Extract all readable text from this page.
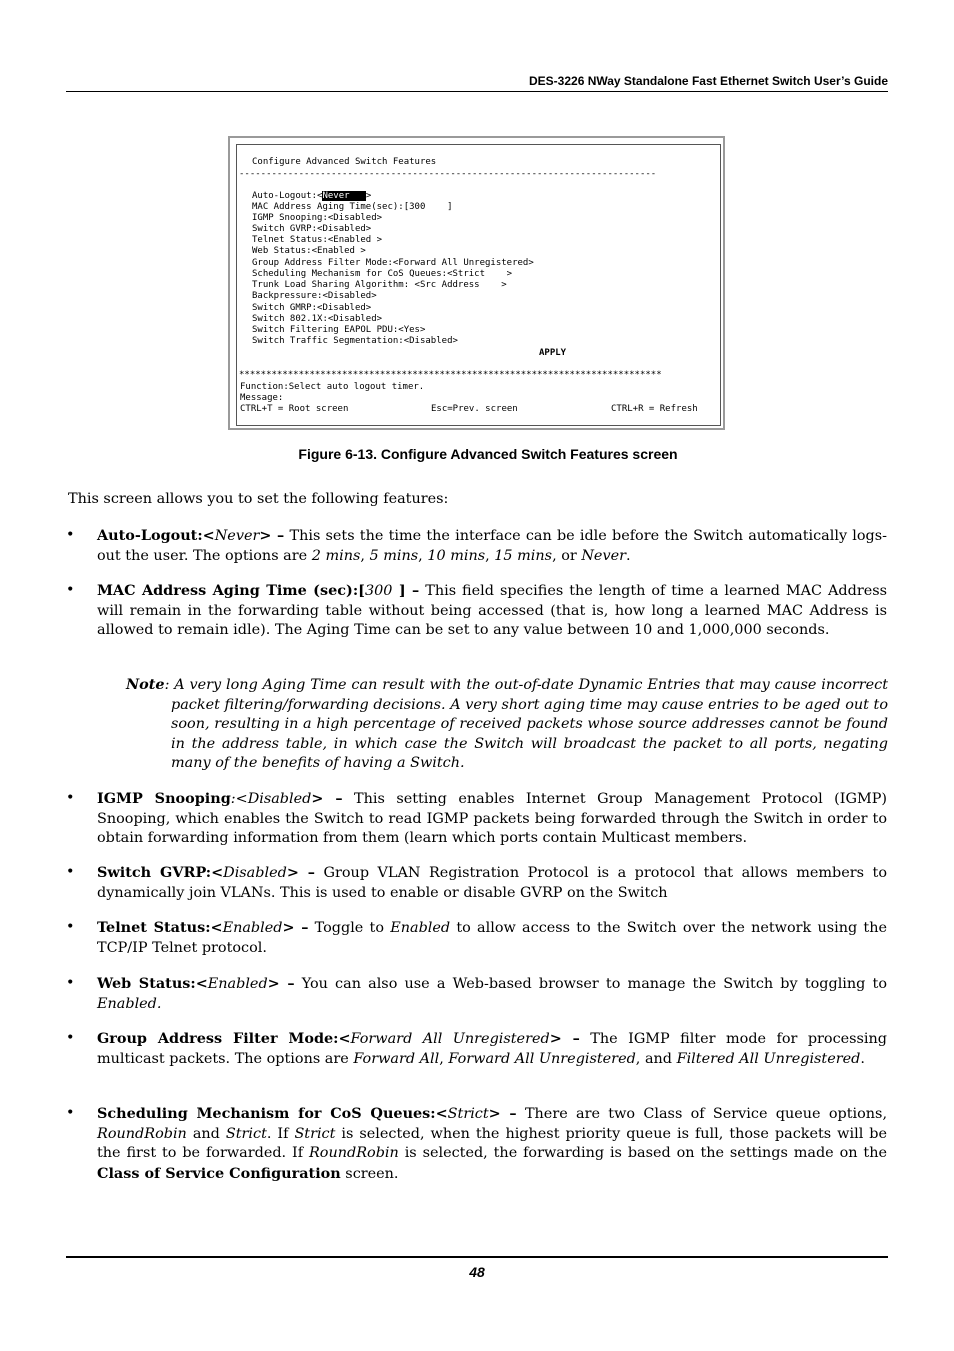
DES-3226 NWay Standalone Fast Ethernet Switch User’s Guide
Configure Advanced Switch Features
-----------------------------------------------------------------------------
Auto-Logout:<Never   >
MAC Address Aging Time(sec):[300    ]
IGMP Snooping:<Disabled>
Switch GVRP:<Disabled>
Telnet Status:<Enabled >
Web Status:<Enabled >
Group Address Filter Mode:<Forward All Unregistered>
Scheduling Mechanism for CoS Queues:<Strict    >
Trunk Load Sharing Algorithm: <Src Address    >
Backpressure:<Disabled>
Switch GMRP:<Disabled>
Switch 802.1X:<Disabled>
Switch Filtering EAPOL PDU:<Yes>
Switch Traffic Segmentation:<Disabled>
APPLY
******************************************************************************
Function:Select auto logout timer.
Message:
CTRL+T = Root screen	Esc=Prev. screen	CTRL+R = Refresh
Figure 6-13. Configure Advanced Switch Features screen
This screen allows you to set the following features:
• Auto-Logout:<Never> – This sets the time the interface can be idle before the Switch automatically logs-out the user. The options are 2 mins, 5 mins, 10 mins, 15 mins, or Never.
• MAC Address Aging Time (sec):[300 ] – This field specifies the length of time a learned MAC Address will remain in the forwarding table without being accessed (that is, how long a learned MAC Address is allowed to remain idle). The Aging Time can be set to any value between 10 and 1,000,000 seconds.
Note: A very long Aging Time can result with the out-of-date Dynamic Entries that may cause incorrect packet filtering/forwarding decisions. A very short aging time may cause entries to be aged out to soon, resulting in a high percentage of received packets whose source addresses cannot be found in the address table, in which case the Switch will broadcast the packet to all ports, negating many of the benefits of having a Switch.
• IGMP Snooping:<Disabled> – This setting enables Internet Group Management Protocol (IGMP) Snooping, which enables the Switch to read IGMP packets being forwarded through the Switch in order to obtain forwarding information from them (learn which ports contain Multicast members.
• Switch GVRP:<Disabled> – Group VLAN Registration Protocol is a protocol that allows members to dynamically join VLANs. This is used to enable or disable GVRP on the Switch
• Telnet Status:<Enabled> – Toggle to Enabled to allow access to the Switch over the network using the TCP/IP Telnet protocol.
• Web Status:<Enabled> – You can also use a Web-based browser to manage the Switch by toggling to Enabled.
• Group Address Filter Mode:<Forward All Unregistered> – The IGMP filter mode for processing multicast packets. The options are Forward All, Forward All Unregistered, and Filtered All Unregistered.
• Scheduling Mechanism for CoS Queues:<Strict> – There are two Class of Service queue options, RoundRobin and Strict. If Strict is selected, when the highest priority queue is full, those packets will be the first to be forwarded. If RoundRobin is selected, the forwarding is based on the settings made on the Class of Service Configuration screen.
48
